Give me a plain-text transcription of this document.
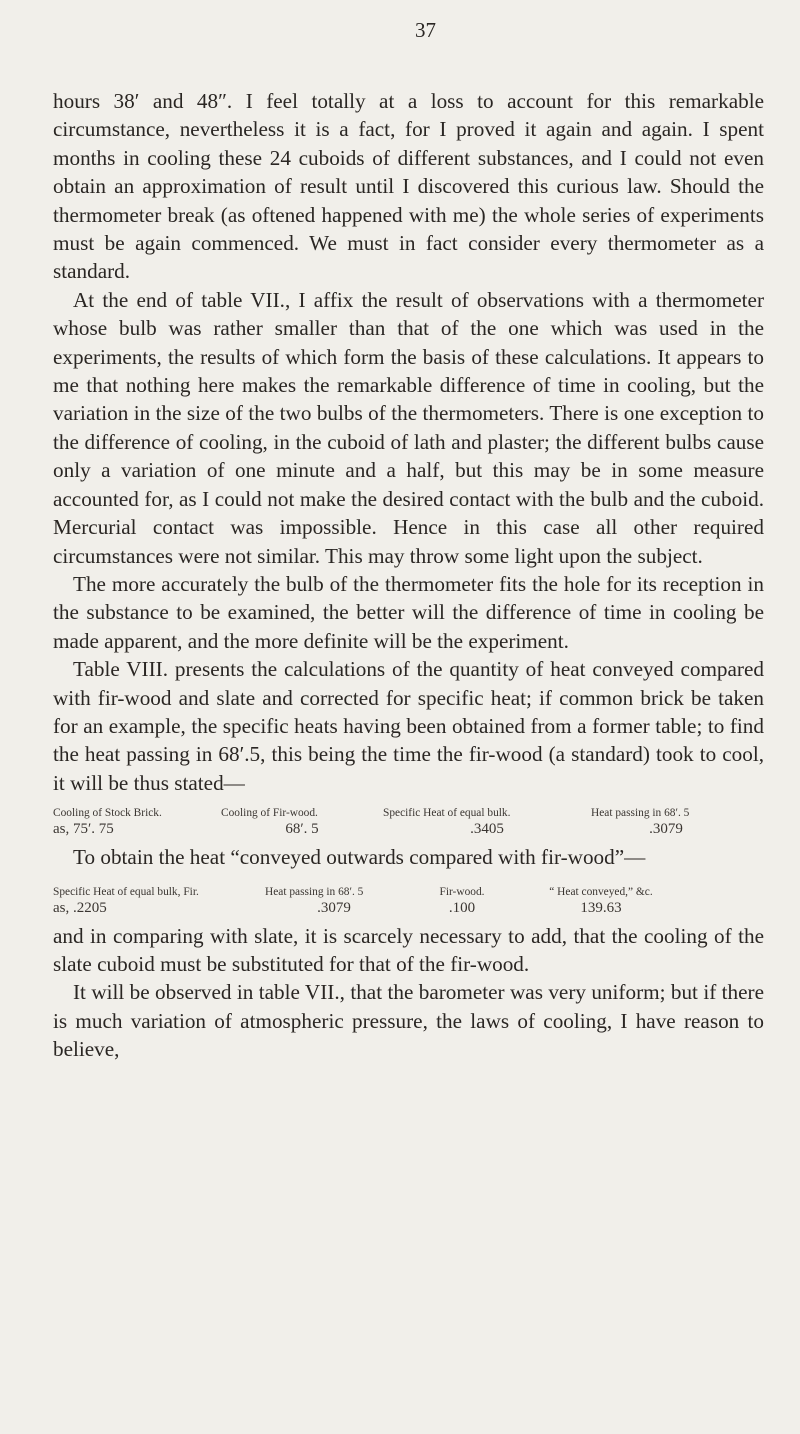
37

hours 38′ and 48″. I feel totally at a loss to account for this remarkable circumstance, nevertheless it is a fact, for I proved it again and again. I spent months in cooling these 24 cuboids of different substances, and I could not even obtain an approximation of result until I discovered this curious law. Should the thermometer break (as oftened happened with me) the whole series of experiments must be again commenced. We must in fact consider every thermometer as a standard.

At the end of table VII., I affix the result of observations with a thermometer whose bulb was rather smaller than that of the one which was used in the experiments, the results of which form the basis of these calculations. It appears to me that nothing here makes the remarkable difference of time in cooling, but the variation in the size of the two bulbs of the thermometers. There is one exception to the difference of cooling, in the cuboid of lath and plaster; the different bulbs cause only a variation of one minute and a half, but this may be in some measure accounted for, as I could not make the desired contact with the bulb and the cuboid. Mercurial contact was impossible. Hence in this case all other required circumstances were not similar. This may throw some light upon the subject.

The more accurately the bulb of the thermometer fits the hole for its reception in the substance to be examined, the better will the difference of time in cooling be made apparent, and the more definite will be the experiment.

Table VIII. presents the calculations of the quantity of heat conveyed compared with fir-wood and slate and corrected for specific heat; if common brick be taken for an example, the specific heats having been obtained from a former table; to find the heat passing in 68′.5, this being the time the fir-wood (a standard) took to cool, it will be thus stated—

Cooling of Stock Brick.	Cooling of Fir-wood.	Specific Heat of equal bulk.	Heat passing in 68′. 5
as, 75′. 75	68′. 5	.3405	.3079

To obtain the heat “conveyed outwards compared with fir-wood”—

Specific Heat of equal bulk, Fir.	Heat passing in 68′. 5	Fir-wood.	“ Heat conveyed,” &c.
as, .2205	.3079	.100	139.63

and in comparing with slate, it is scarcely necessary to add, that the cooling of the slate cuboid must be substituted for that of the fir-wood.

It will be observed in table VII., that the barometer was very uniform; but if there is much variation of atmospheric pressure, the laws of cooling, I have reason to believe,
